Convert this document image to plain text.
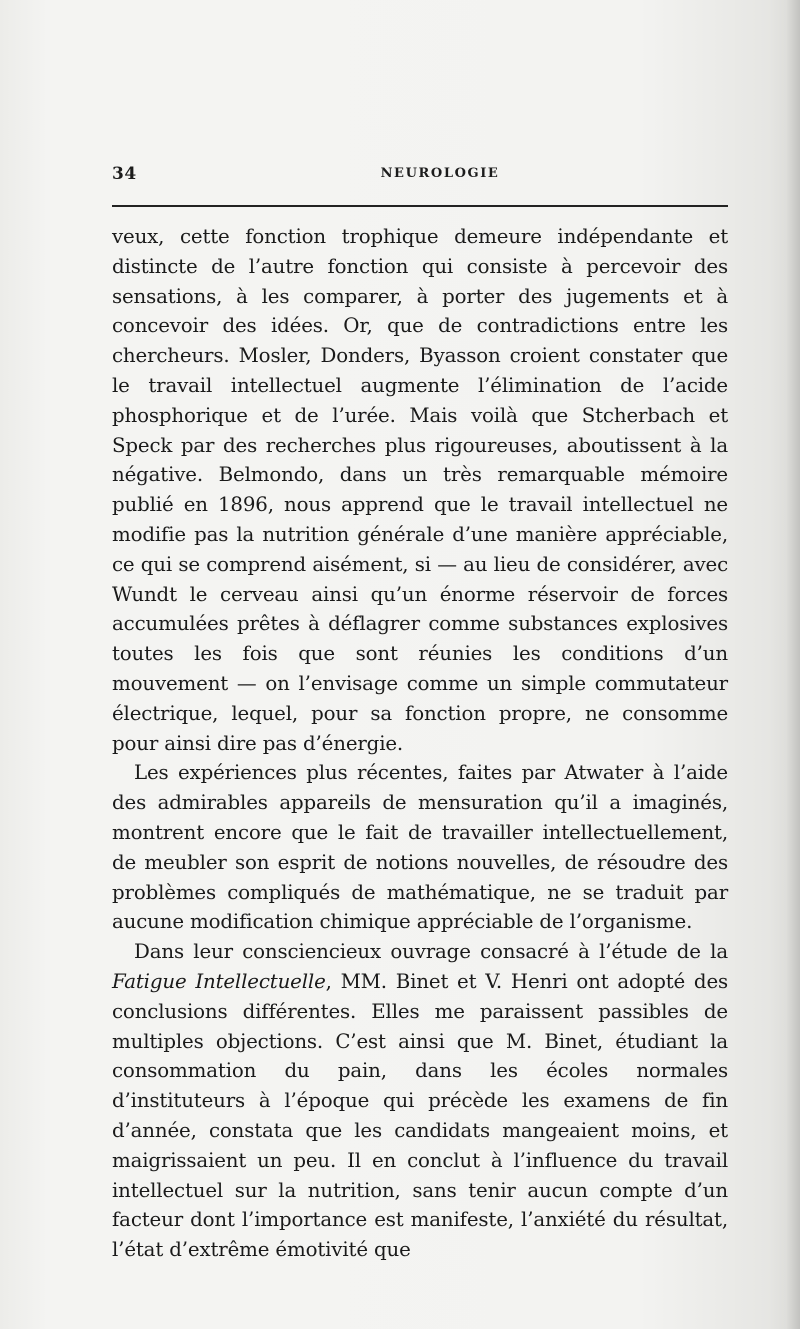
34	NEUROLOGIE

veux, cette fonction trophique demeure indépendante et distincte de l’autre fonction qui consiste à percevoir des sensations, à les comparer, à porter des jugements et à concevoir des idées. Or, que de contradictions entre les chercheurs. Mosler, Donders, Byasson croient constater que le travail intellectuel augmente l’élimination de l’acide phosphorique et de l’urée. Mais voilà que Stcherbach et Speck par des recherches plus rigoureuses, aboutissent à la négative. Belmondo, dans un très remarquable mémoire publié en 1896, nous apprend que le travail intellectuel ne modifie pas la nutrition générale d’une manière appréciable, ce qui se comprend aisément, si — au lieu de considérer, avec Wundt le cerveau ainsi qu’un énorme réservoir de forces accumulées prêtes à déflagrer comme substances explosives toutes les fois que sont réunies les conditions d’un mouvement — on l’envisage comme un simple commutateur électrique, lequel, pour sa fonction propre, ne consomme pour ainsi dire pas d’énergie.

Les expériences plus récentes, faites par Atwater à l’aide des admirables appareils de mensuration qu’il a imaginés, montrent encore que le fait de travailler intellectuellement, de meubler son esprit de notions nouvelles, de résoudre des problèmes compliqués de mathématique, ne se traduit par aucune modification chimique appréciable de l’organisme.

Dans leur consciencieux ouvrage consacré à l’étude de la Fatigue Intellectuelle, MM. Binet et V. Henri ont adopté des conclusions différentes. Elles me paraissent passibles de multiples objections. C’est ainsi que M. Binet, étudiant la consommation du pain, dans les écoles normales d’instituteurs à l’époque qui précède les examens de fin d’année, constata que les candidats mangeaient moins, et maigrissaient un peu. Il en conclut à l’influence du travail intellectuel sur la nutrition, sans tenir aucun compte d’un facteur dont l’importance est manifeste, l’anxiété du résultat, l’état d’extrême émotivité que
